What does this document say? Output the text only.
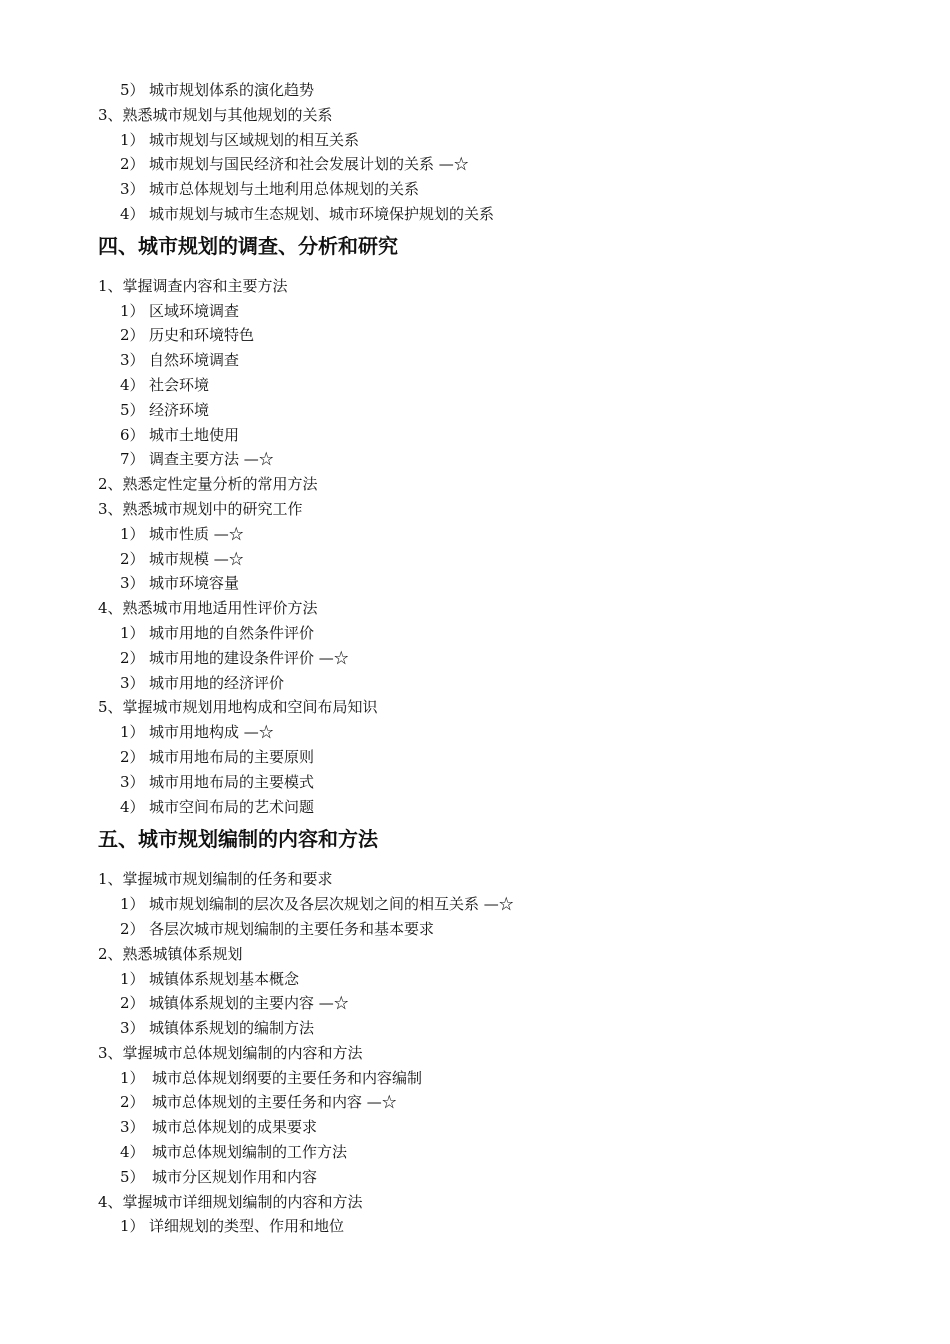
5） 城市规划体系的演化趋势
3、熟悉城市规划与其他规划的关系
1） 城市规划与区域规划的相互关系
2） 城市规划与国民经济和社会发展计划的关系 —☆
3） 城市总体规划与土地利用总体规划的关系
4） 城市规划与城市生态规划、城市环境保护规划的关系
四、城市规划的调查、分析和研究
1、掌握调查内容和主要方法
1） 区域环境调查
2） 历史和环境特色
3） 自然环境调查
4） 社会环境
5） 经济环境
6） 城市土地使用
7） 调查主要方法 —☆
2、熟悉定性定量分析的常用方法
3、熟悉城市规划中的研究工作
1） 城市性质 —☆
2） 城市规模 —☆
3） 城市环境容量
4、熟悉城市用地适用性评价方法
1） 城市用地的自然条件评价
2） 城市用地的建设条件评价 —☆
3） 城市用地的经济评价
5、掌握城市规划用地构成和空间布局知识
1） 城市用地构成 —☆
2） 城市用地布局的主要原则
3） 城市用地布局的主要模式
4） 城市空间布局的艺术问题
五、城市规划编制的内容和方法
1、掌握城市规划编制的任务和要求
1） 城市规划编制的层次及各层次规划之间的相互关系 —☆
2） 各层次城市规划编制的主要任务和基本要求
2、熟悉城镇体系规划
1） 城镇体系规划基本概念
2） 城镇体系规划的主要内容 —☆
3） 城镇体系规划的编制方法
3、掌握城市总体规划编制的内容和方法
1） 城市总体规划纲要的主要任务和内容编制
2） 城市总体规划的主要任务和内容 —☆
3） 城市总体规划的成果要求
4） 城市总体规划编制的工作方法
5） 城市分区规划作用和内容
4、掌握城市详细规划编制的内容和方法
1） 详细规划的类型、作用和地位
